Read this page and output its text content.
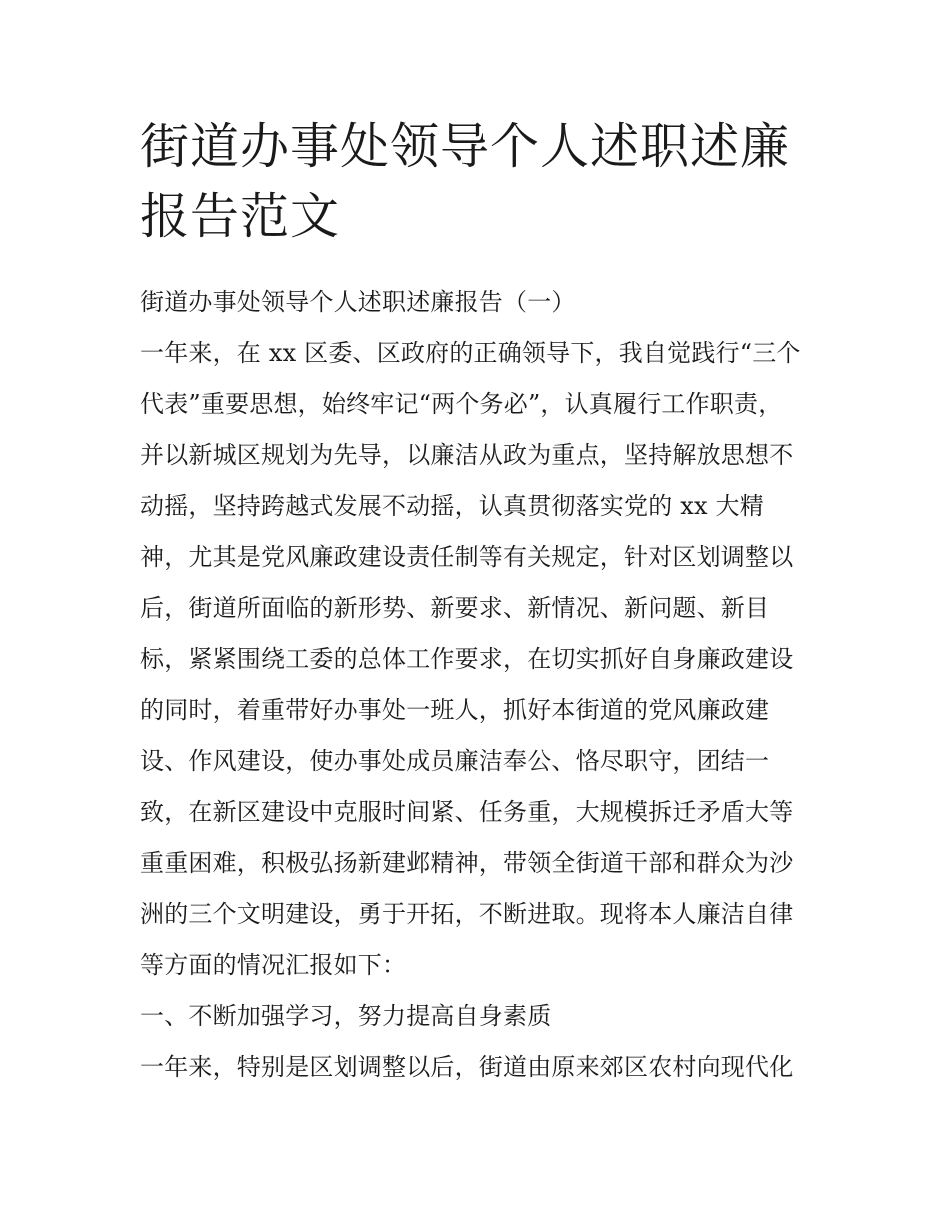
街道办事处领导个人述职述廉
报告范文
街道办事处领导个人述职述廉报告（一）
一年来，在 xx 区委、区政府的正确领导下，我自觉践行“三个
代表”重要思想，始终牢记“两个务必”，认真履行工作职责，
并以新城区规划为先导，以廉洁从政为重点，坚持解放思想不
动摇，坚持跨越式发展不动摇，认真贯彻落实党的 xx 大精
神，尤其是党风廉政建设责任制等有关规定，针对区划调整以
后，街道所面临的新形势、新要求、新情况、新问题、新目
标，紧紧围绕工委的总体工作要求，在切实抓好自身廉政建设
的同时，着重带好办事处一班人，抓好本街道的党风廉政建
设、作风建设，使办事处成员廉洁奉公、恪尽职守，团结一
致，在新区建设中克服时间紧、任务重，大规模拆迁矛盾大等
重重困难，积极弘扬新建邺精神，带领全街道干部和群众为沙
洲的三个文明建设，勇于开拓，不断进取。现将本人廉洁自律
等方面的情况汇报如下：
一、不断加强学习，努力提高自身素质
一年来，特别是区划调整以后，街道由原来郊区农村向现代化
